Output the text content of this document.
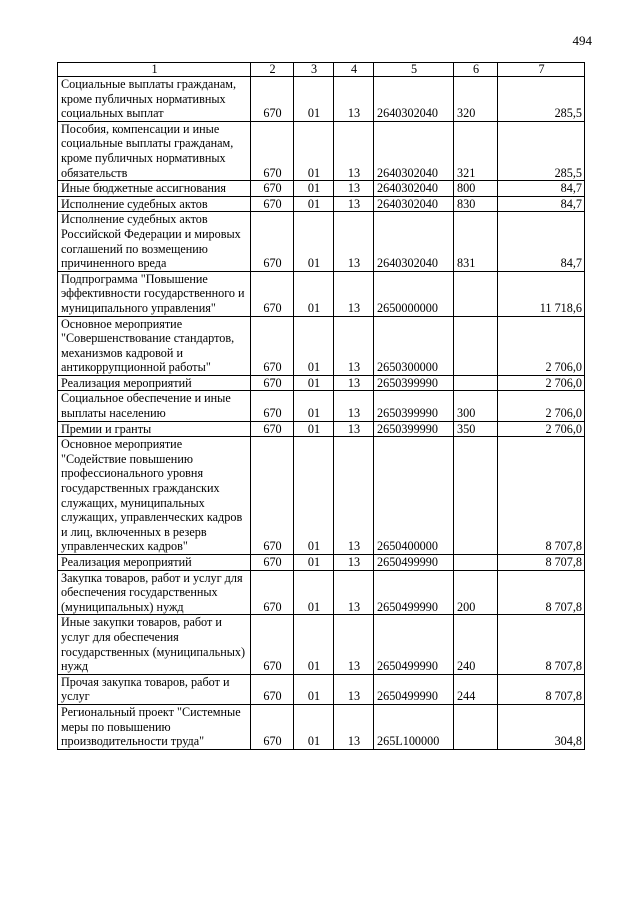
494
1	2	3	4	5	6	7
Социальные выплаты гражданам, кроме публичных нормативных социальных выплат	670	01	13	2640302040	320	285,5
Пособия, компенсации и иные социальные выплаты гражданам, кроме публичных нормативных обязательств	670	01	13	2640302040	321	285,5
Иные бюджетные ассигнования	670	01	13	2640302040	800	84,7
Исполнение судебных актов	670	01	13	2640302040	830	84,7
Исполнение судебных актов Российской Федерации и мировых соглашений по возмещению причиненного вреда	670	01	13	2640302040	831	84,7
Подпрограмма "Повышение эффективности государственного и муниципального управления"	670	01	13	2650000000		11 718,6
Основное мероприятие "Совершенствование стандартов, механизмов кадровой и антикоррупционной работы"	670	01	13	2650300000		2 706,0
Реализация мероприятий	670	01	13	2650399990		2 706,0
Социальное обеспечение и иные выплаты населению	670	01	13	2650399990	300	2 706,0
Премии и гранты	670	01	13	2650399990	350	2 706,0
Основное мероприятие "Содействие повышению профессионального уровня государственных гражданских служащих, муниципальных служащих, управленческих кадров и лиц, включенных в резерв управленческих кадров"	670	01	13	2650400000		8 707,8
Реализация мероприятий	670	01	13	2650499990		8 707,8
Закупка товаров, работ и услуг для обеспечения государственных (муниципальных) нужд	670	01	13	2650499990	200	8 707,8
Иные закупки товаров, работ и услуг для обеспечения государственных (муниципальных) нужд	670	01	13	2650499990	240	8 707,8
Прочая закупка товаров, работ и услуг	670	01	13	2650499990	244	8 707,8
Региональный проект "Системные меры по повышению производительности труда"	670	01	13	265L100000		304,8
